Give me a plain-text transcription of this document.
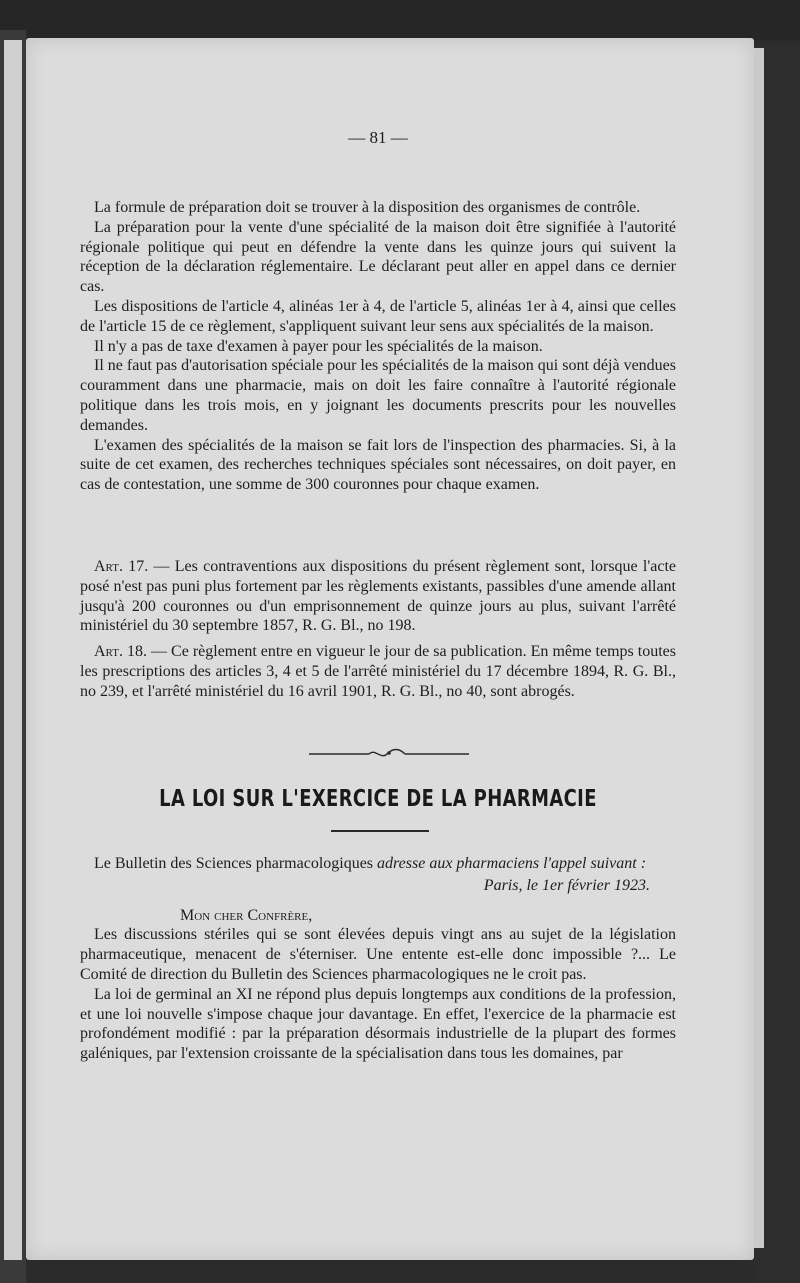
— 81 —

La formule de préparation doit se trouver à la disposition des organismes de contrôle.

La préparation pour la vente d'une spécialité de la maison doit être signifiée à l'autorité régionale politique qui peut en défendre la vente dans les quinze jours qui suivent la réception de la déclaration réglementaire. Le déclarant peut aller en appel dans ce dernier cas.

Les dispositions de l'article 4, alinéas 1er à 4, de l'article 5, alinéas 1er à 4, ainsi que celles de l'article 15 de ce règlement, s'appliquent suivant leur sens aux spécialités de la maison.

Il n'y a pas de taxe d'examen à payer pour les spécialités de la maison.

Il ne faut pas d'autorisation spéciale pour les spécialités de la maison qui sont déjà vendues couramment dans une pharmacie, mais on doit les faire connaître à l'autorité régionale politique dans les trois mois, en y joignant les documents prescrits pour les nouvelles demandes.

L'examen des spécialités de la maison se fait lors de l'inspection des pharmacies. Si, à la suite de cet examen, des recherches techniques spéciales sont nécessaires, on doit payer, en cas de contestation, une somme de 300 couronnes pour chaque examen.

Art. 17. — Les contraventions aux dispositions du présent règlement sont, lorsque l'acte posé n'est pas puni plus fortement par les règlements existants, passibles d'une amende allant jusqu'à 200 couronnes ou d'un emprisonnement de quinze jours au plus, suivant l'arrêté ministériel du 30 septembre 1857, R. G. Bl., no 198.

Art. 18. — Ce règlement entre en vigueur le jour de sa publication. En même temps toutes les prescriptions des articles 3, 4 et 5 de l'arrêté ministériel du 17 décembre 1894, R. G. Bl., no 239, et l'arrêté ministériel du 16 avril 1901, R. G. Bl., no 40, sont abrogés.

LA LOI SUR L'EXERCICE DE LA PHARMACIE

Le Bulletin des Sciences pharmacologiques adresse aux pharmaciens l'appel suivant :

Paris, le 1er février 1923.

Mon cher Confrère,

Les discussions stériles qui se sont élevées depuis vingt ans au sujet de la législation pharmaceutique, menacent de s'éterniser. Une entente est-elle donc impossible ?... Le Comité de direction du Bulletin des Sciences pharmacologiques ne le croit pas.

La loi de germinal an XI ne répond plus depuis longtemps aux conditions de la profession, et une loi nouvelle s'impose chaque jour davantage. En effet, l'exercice de la pharmacie est profondément modifié : par la préparation désormais industrielle de la plupart des formes galéniques, par l'extension croissante de la spécialisation dans tous les domaines, par
